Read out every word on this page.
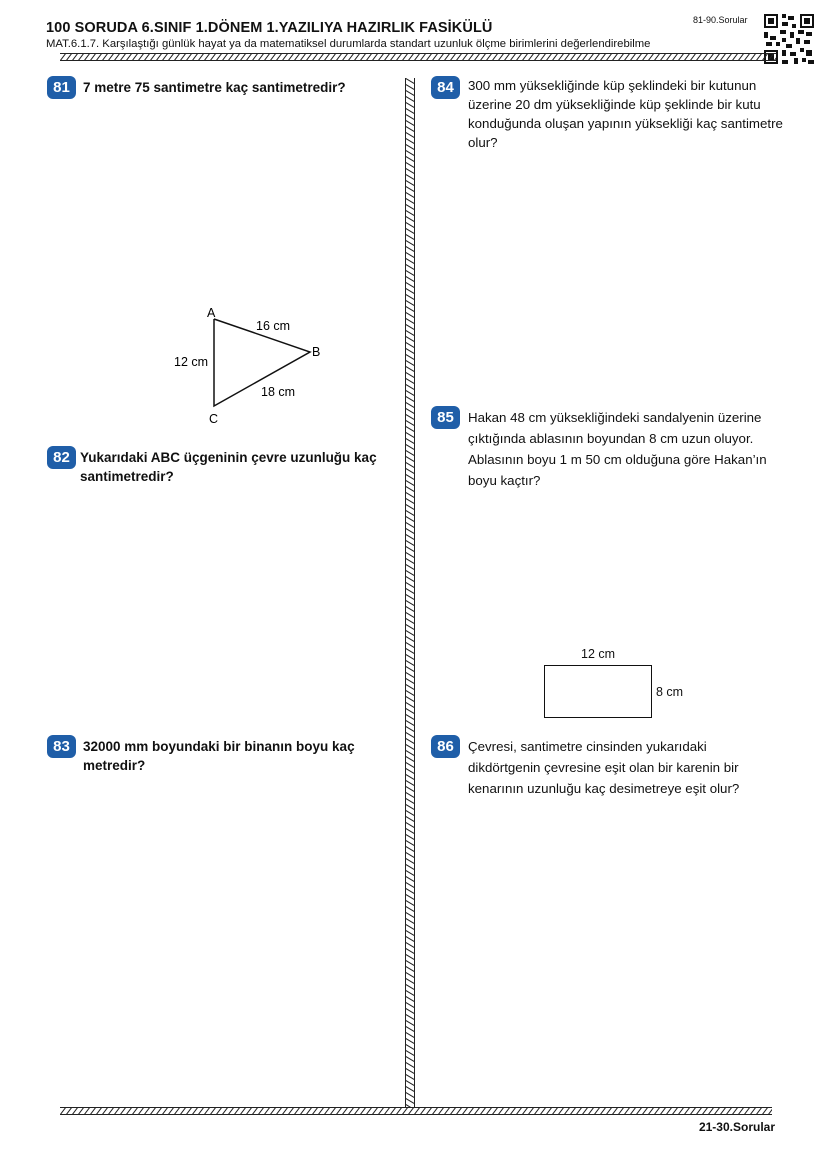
100 SORUDA 6.SINIF 1.DÖNEM 1.YAZILIYA HAZIRLIK FASİKÜLÜ
MAT.6.1.7. Karşılaştığı günlük hayat ya da matematiksel durumlarda standart uzunluk ölçme birimlerini değerlendirebilme
81-90.Sorular
81 7 metre 75 santimetre kaç santimetredir?
A
B
C
16 cm
12 cm
18 cm
82 Yukarıdaki ABC üçgeninin çevre uzunluğu kaç
santimetredir?
83 32000 mm boyundaki bir binanın boyu kaç
metredir?
84	300 mm yüksekliğinde küp şeklindeki bir kutunun
üzerine 20 dm yüksekliğinde küp şeklinde bir kutu
konduğunda oluşan yapının yüksekliği kaç santimetre
olur?
85	Hakan 48 cm yüksekliğindeki sandalyenin üzerine
çıktığında ablasının boyundan 8 cm uzun oluyor.
Ablasının boyu 1 m 50 cm olduğuna göre Hakan’ın
boyu kaçtır?
12 cm
8 cm
86	Çevresi, santimetre cinsinden yukarıdaki
dikdörtgenin çevresine eşit olan bir karenin bir
kenarının uzunluğu kaç desimetreye eşit olur?
21-30.Sorular
